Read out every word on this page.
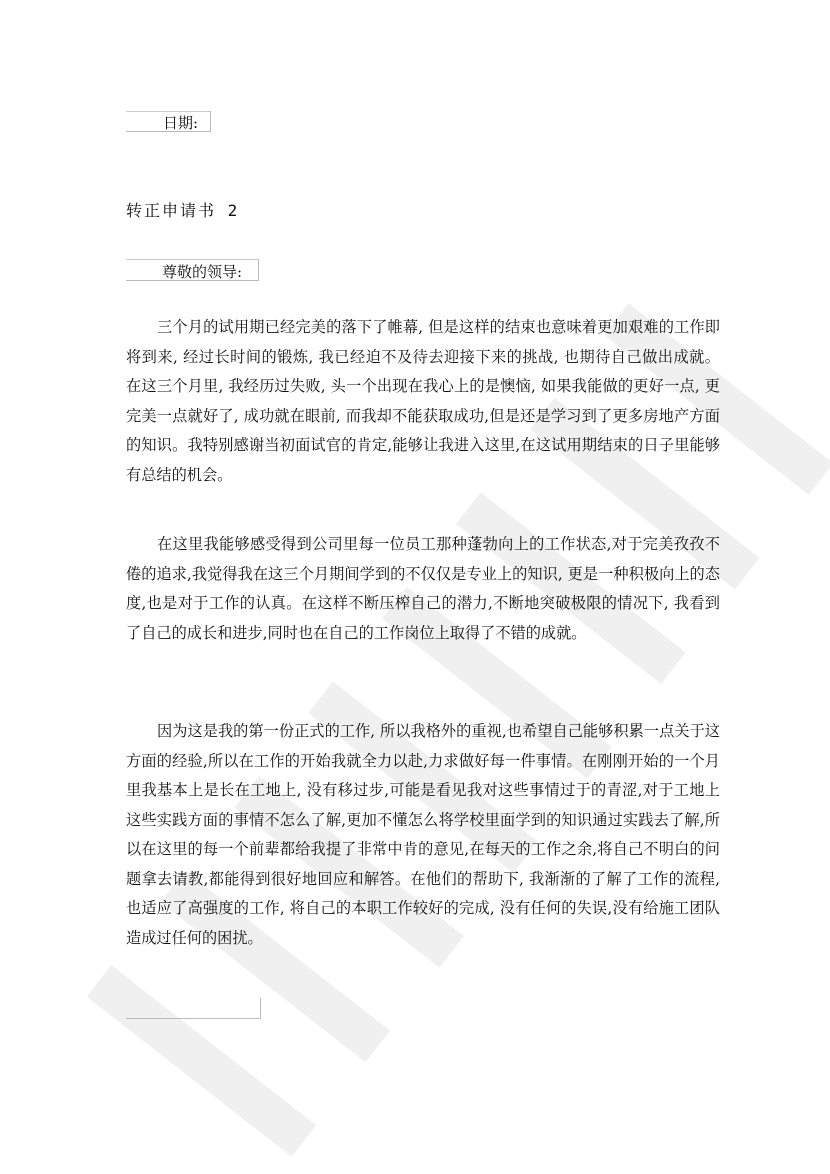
日期:
转正申请书 2
尊敬的领导:

三个月的试用期已经完美的落下了帷幕, 但是这样的结束也意味着更加艰难的工作即将到来, 经过长时间的锻炼, 我已经迫不及待去迎接下来的挑战, 也期待自己做出成就。 在这三个月里, 我经历过失败, 头一个出现在我心上的是懊恼, 如果我能做的更好一点, 更完美一点就好了, 成功就在眼前, 而我却不能获取成功,但是还是学习到了更多房地产方面的知识。我特别感谢当初面试官的肯定,能够让我进入这里,在这试用期结束的日子里能够有总结的机会。

在这里我能够感受得到公司里每一位员工那种蓬勃向上的工作状态,对于完美孜孜不倦的追求,我觉得我在这三个月期间学到的不仅仅是专业上的知识, 更是一种积极向上的态度,也是对于工作的认真。在这样不断压榨自己的潜力,不断地突破极限的情况下, 我看到了自己的成长和进步,同时也在自己的工作岗位上取得了不错的成就。

因为这是我的第一份正式的工作, 所以我格外的重视,也希望自己能够积累一点关于这方面的经验,所以在工作的开始我就全力以赴,力求做好每一件事情。在刚刚开始的一个月里我基本上是长在工地上, 没有移过步,可能是看见我对这些事情过于的青涩,对于工地上这些实践方面的事情不怎么了解,更加不懂怎么将学校里面学到的知识通过实践去了解,所以在这里的每一个前辈都给我提了非常中肯的意见,在每天的工作之余,将自己不明白的问题拿去请教,都能得到很好地回应和解答。在他们的帮助下, 我渐渐的了解了工作的流程,也适应了高强度的工作, 将自己的本职工作较好的完成, 没有任何的失误,没有给施工团队造成过任何的困扰。
